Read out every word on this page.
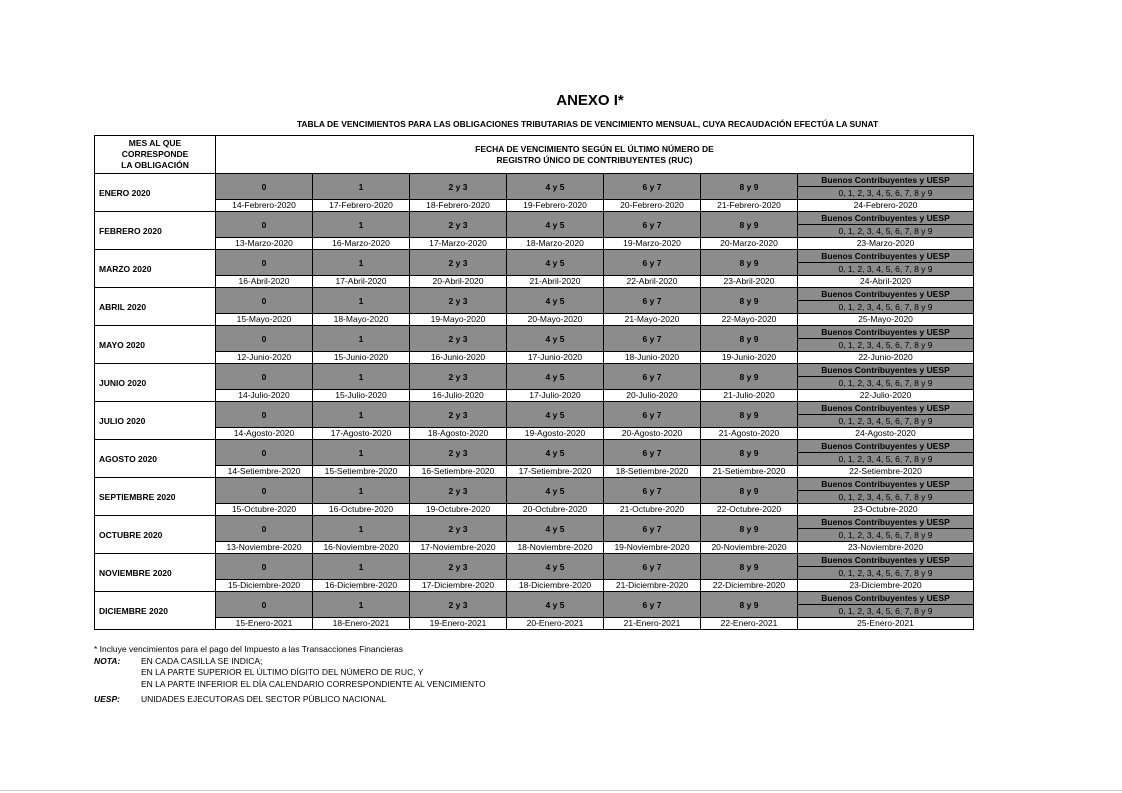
ANEXO I*
TABLA DE VENCIMIENTOS PARA LAS OBLIGACIONES TRIBUTARIAS DE VENCIMIENTO MENSUAL, CUYA RECAUDACIÓN EFECTÚA LA SUNAT
MES AL QUE
CORRESPONDE
LA OBLIGACIÓN	FECHA DE VENCIMIENTO SEGÚN EL ÚLTIMO NÚMERO DE
REGISTRO ÚNICO DE CONTRIBUYENTES (RUC)						
ENERO 2020	0	1	2 y 3	4 y 5	6 y 7	8 y 9	Buenos Contribuyentes y UESP
							0, 1, 2, 3, 4, 5, 6, 7, 8 y 9
	14-Febrero-2020	17-Febrero-2020	18-Febrero-2020	19-Febrero-2020	20-Febrero-2020	21-Febrero-2020	24-Febrero-2020
FEBRERO 2020	0	1	2 y 3	4 y 5	6 y 7	8 y 9	Buenos Contribuyentes y UESP
							0, 1, 2, 3, 4, 5, 6, 7, 8 y 9
	13-Marzo-2020	16-Marzo-2020	17-Marzo-2020	18-Marzo-2020	19-Marzo-2020	20-Marzo-2020	23-Marzo-2020
MARZO 2020	0	1	2 y 3	4 y 5	6 y 7	8 y 9	Buenos Contribuyentes y UESP
							0, 1, 2, 3, 4, 5, 6, 7, 8 y 9
	16-Abril-2020	17-Abril-2020	20-Abril-2020	21-Abril-2020	22-Abril-2020	23-Abril-2020	24-Abril-2020
ABRIL 2020	0	1	2 y 3	4 y 5	6 y 7	8 y 9	Buenos Contribuyentes y UESP
							0, 1, 2, 3, 4, 5, 6, 7, 8 y 9
	15-Mayo-2020	18-Mayo-2020	19-Mayo-2020	20-Mayo-2020	21-Mayo-2020	22-Mayo-2020	25-Mayo-2020
MAYO 2020	0	1	2 y 3	4 y 5	6 y 7	8 y 9	Buenos Contribuyentes y UESP
							0, 1, 2, 3, 4, 5, 6, 7, 8 y 9
	12-Junio-2020	15-Junio-2020	16-Junio-2020	17-Junio-2020	18-Junio-2020	19-Junio-2020	22-Junio-2020
JUNIO 2020	0	1	2 y 3	4 y 5	6 y 7	8 y 9	Buenos Contribuyentes y UESP
							0, 1, 2, 3, 4, 5, 6, 7, 8 y 9
	14-Julio-2020	15-Julio-2020	16-Julio-2020	17-Julio-2020	20-Julio-2020	21-Julio-2020	22-Julio-2020
JULIO 2020	0	1	2 y 3	4 y 5	6 y 7	8 y 9	Buenos Contribuyentes y UESP
							0, 1, 2, 3, 4, 5, 6, 7, 8 y 9
	14-Agosto-2020	17-Agosto-2020	18-Agosto-2020	19-Agosto-2020	20-Agosto-2020	21-Agosto-2020	24-Agosto-2020
AGOSTO 2020	0	1	2 y 3	4 y 5	6 y 7	8 y 9	Buenos Contribuyentes y UESP
							0, 1, 2, 3, 4, 5, 6, 7, 8 y 9
	14-Setiembre-2020	15-Setiembre-2020	16-Setiembre-2020	17-Setiembre-2020	18-Setiembre-2020	21-Setiembre-2020	22-Setiembre-2020
SEPTIEMBRE 2020	0	1	2 y 3	4 y 5	6 y 7	8 y 9	Buenos Contribuyentes y UESP
							0, 1, 2, 3, 4, 5, 6, 7, 8 y 9
	15-Octubre-2020	16-Octubre-2020	19-Octubre-2020	20-Octubre-2020	21-Octubre-2020	22-Octubre-2020	23-Octubre-2020
OCTUBRE 2020	0	1	2 y 3	4 y 5	6 y 7	8 y 9	Buenos Contribuyentes y UESP
							0, 1, 2, 3, 4, 5, 6, 7, 8 y 9
	13-Noviembre-2020	16-Noviembre-2020	17-Noviembre-2020	18-Noviembre-2020	19-Noviembre-2020	20-Noviembre-2020	23-Noviembre-2020
NOVIEMBRE 2020	0	1	2 y 3	4 y 5	6 y 7	8 y 9	Buenos Contribuyentes y UESP
							0, 1, 2, 3, 4, 5, 6, 7, 8 y 9
	15-Diciembre-2020	16-Diciembre-2020	17-Diciembre-2020	18-Diciembre-2020	21-Diciembre-2020	22-Diciembre-2020	23-Diciembre-2020
DICIEMBRE 2020	0	1	2 y 3	4 y 5	6 y 7	8 y 9	Buenos Contribuyentes y UESP
							0, 1, 2, 3, 4, 5, 6, 7, 8 y 9
	15-Enero-2021	18-Enero-2021	19-Enero-2021	20-Enero-2021	21-Enero-2021	22-Enero-2021	25-Enero-2021
* Incluye vencimientos para el pago del Impuesto a las Transacciones Financieras
NOTA: EN CADA CASILLA SE INDICA;
EN LA PARTE SUPERIOR EL ÚLTIMO DÍGITO DEL NÚMERO DE RUC, Y
EN LA PARTE INFERIOR EL DÍA CALENDARIO CORRESPONDIENTE AL VENCIMIENTO
UESP: UNIDADES EJECUTORAS DEL SECTOR PÚBLICO NACIONAL
